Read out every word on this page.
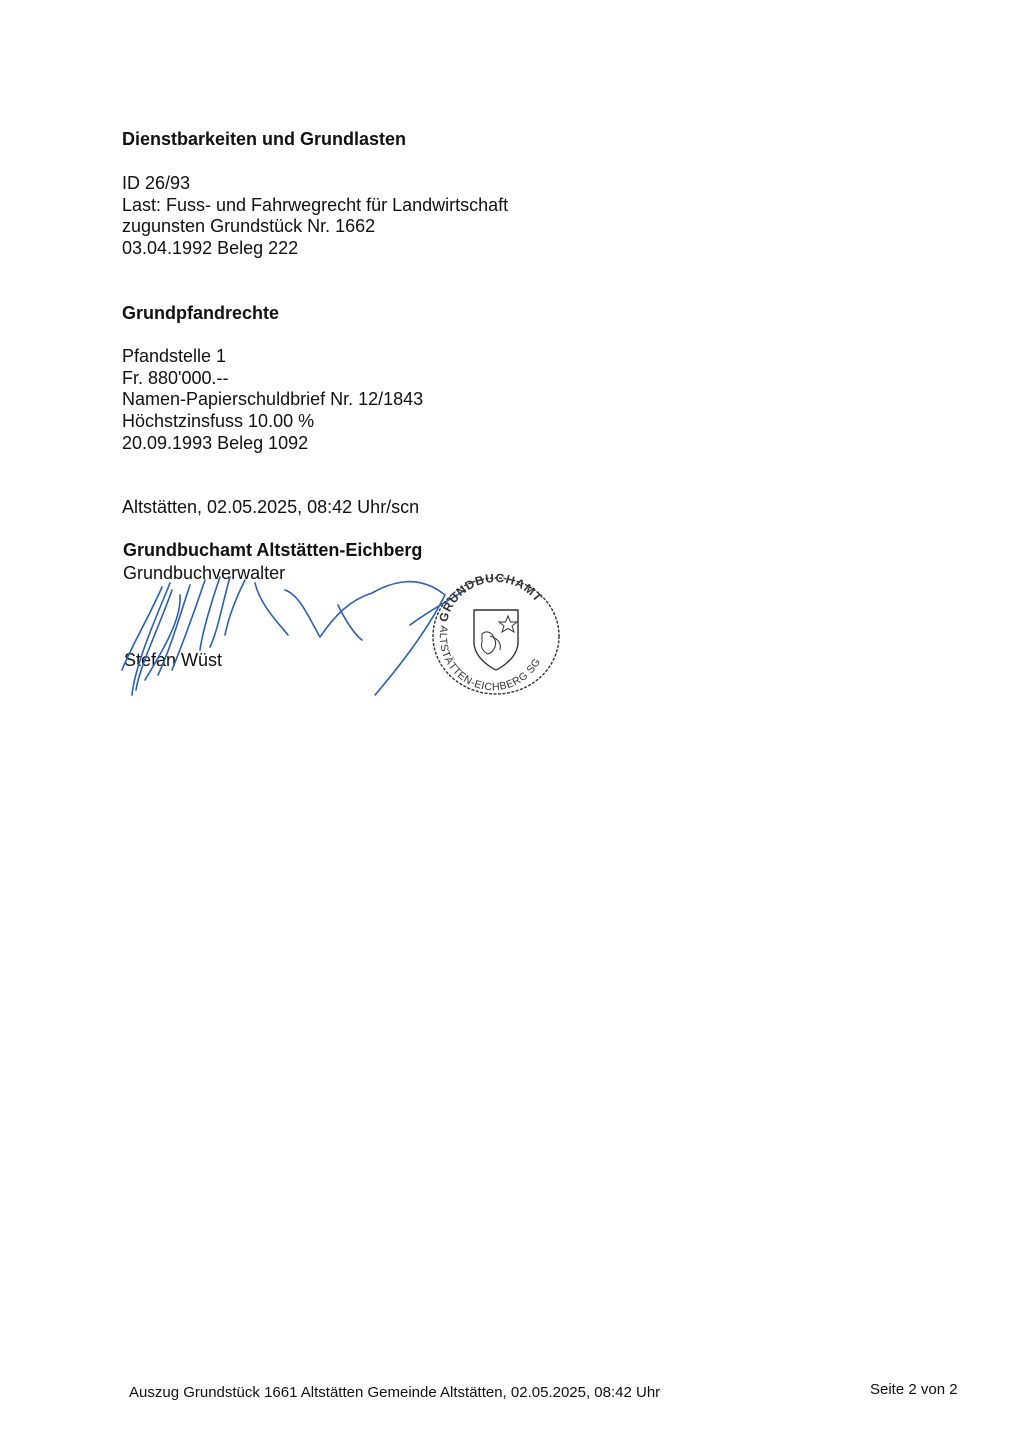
Dienstbarkeiten und Grundlasten

ID 26/93

Last: Fuss- und Fahrwegrecht für Landwirtschaft

zugunsten Grundstück Nr. 1662

03.04.1992 Beleg 222

Grundpfandrechte

Pfandstelle 1

Fr. 880'000.--

Namen-Papierschuldbrief Nr. 12/1843

Höchstzinsfuss 10.00 %

20.09.1993 Beleg 1092

Altstätten, 02.05.2025, 08:42 Uhr/scn

Grundbuchamt Altstätten-Eichberg

Grundbuchverwalter

Stefan Wüst

GRUNDBUCHAMT
ALTSTÄTTEN-EICHBERG SG
Auszug Grundstück 1661 Altstätten Gemeinde Altstätten, 02.05.2025, 08:42 Uhr	Seite 2 von 2
